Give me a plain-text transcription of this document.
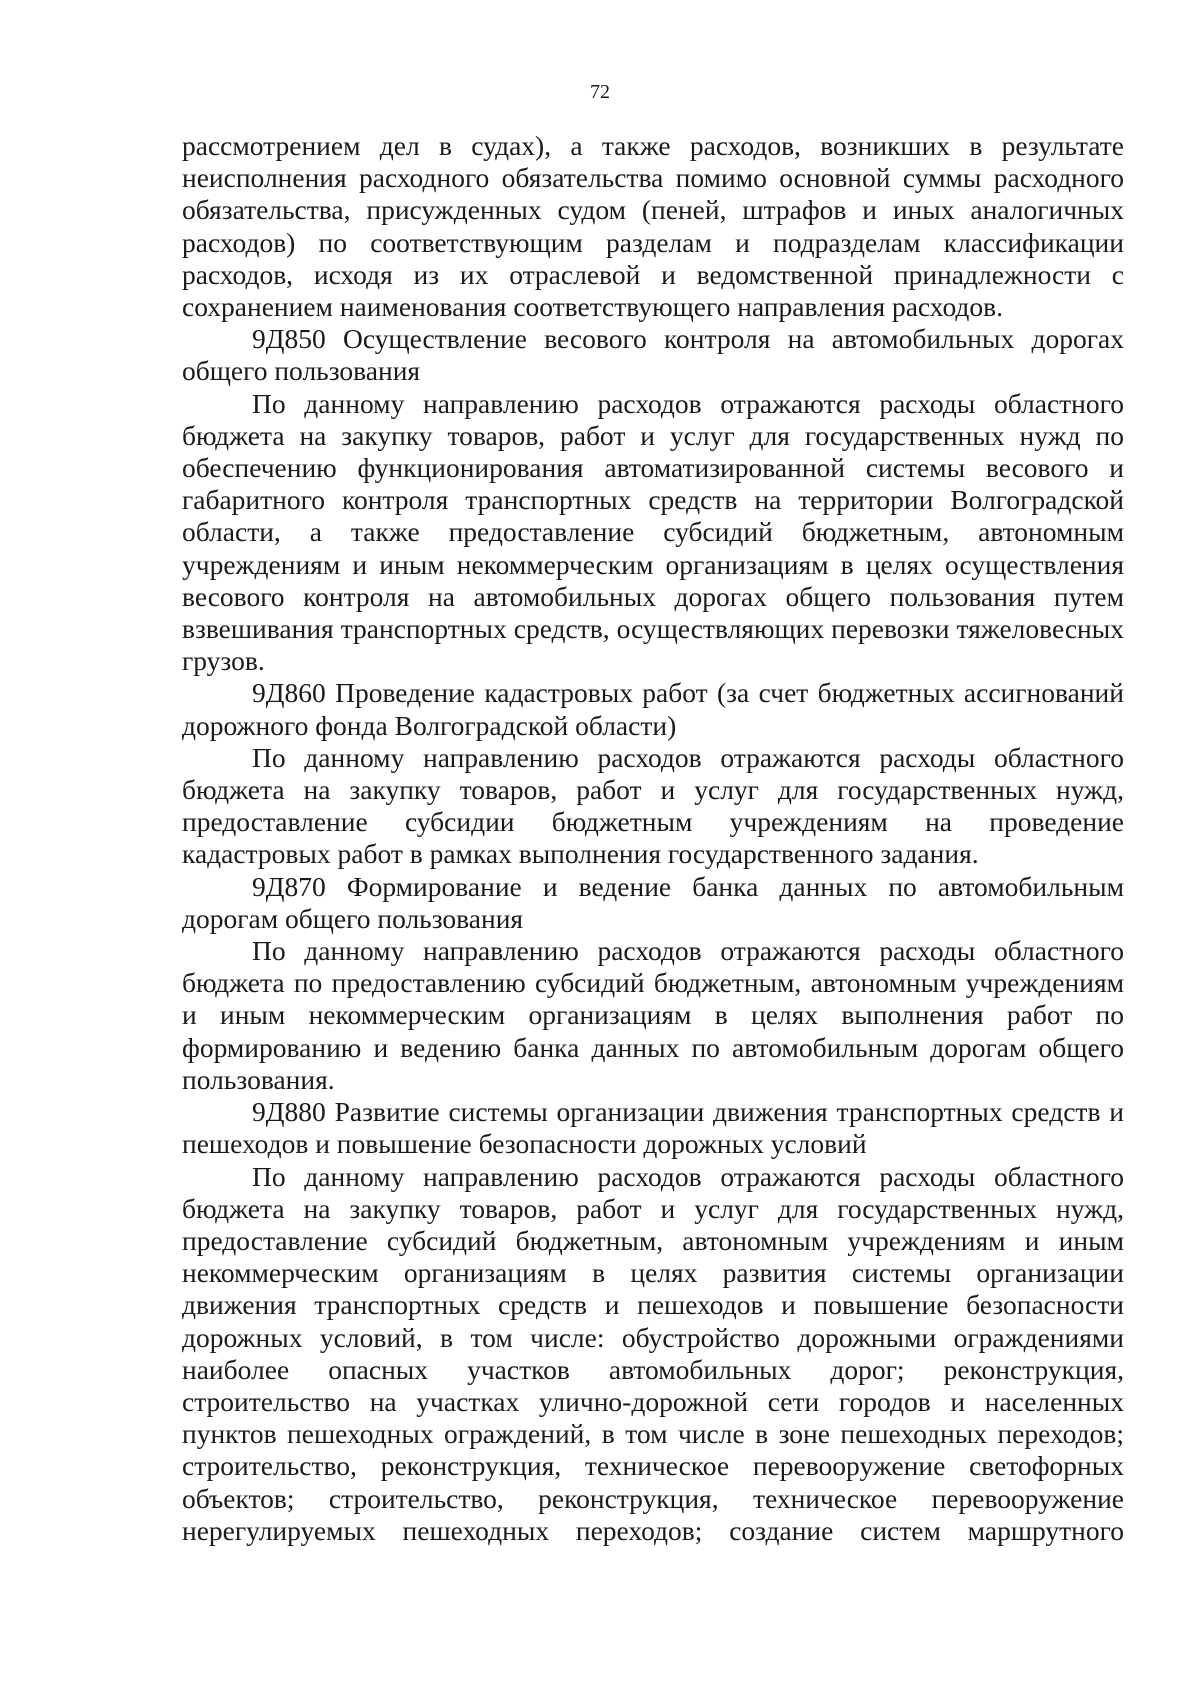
72

рассмотрением дел в судах), а также расходов, возникших в результате неисполнения расходного обязательства помимо основной суммы расходного обязательства, присужденных судом (пеней, штрафов и иных аналогичных расходов) по соответствующим разделам и подразделам классификации расходов, исходя из их отраслевой и ведомственной принадлежности с сохранением наименования соответствующего направления расходов.

9Д850 Осуществление весового контроля на автомобильных дорогах общего пользования

По данному направлению расходов отражаются расходы областного бюджета на закупку товаров, работ и услуг для государственных нужд по обеспечению функционирования автоматизированной системы весового и габаритного контроля транспортных средств на территории Волгоградской области, а также предоставление субсидий бюджетным, автономным учреждениям и иным некоммерческим организациям в целях осуществления весового контроля на автомобильных дорогах общего пользования путем взвешивания транспортных средств, осуществляющих перевозки тяжеловесных грузов.

9Д860 Проведение кадастровых работ (за счет бюджетных ассигнований дорожного фонда Волгоградской области)

По данному направлению расходов отражаются расходы областного бюджета на закупку товаров, работ и услуг для государственных нужд, предоставление субсидии бюджетным учреждениям на проведение кадастровых работ в рамках выполнения государственного задания.

9Д870 Формирование и ведение банка данных по автомобильным дорогам общего пользования

По данному направлению расходов отражаются расходы областного бюджета по предоставлению субсидий бюджетным, автономным учреждениям и иным некоммерческим организациям в целях выполнения работ по формированию и ведению банка данных по автомобильным дорогам общего пользования.

9Д880 Развитие системы организации движения транспортных средств и пешеходов и повышение безопасности дорожных условий

По данному направлению расходов отражаются расходы областного бюджета на закупку товаров, работ и услуг для государственных нужд, предоставление субсидий бюджетным, автономным учреждениям и иным некоммерческим организациям в целях развития системы организации движения транспортных средств и пешеходов и повышение безопасности дорожных условий, в том числе: обустройство дорожными ограждениями наиболее опасных участков автомобильных дорог; реконструкция, строительство на участках улично-дорожной сети городов и населенных пунктов пешеходных ограждений, в том числе в зоне пешеходных переходов; строительство, реконструкция, техническое перевооружение светофорных объектов; строительство, реконструкция, техническое перевооружение нерегулируемых пешеходных переходов; создание систем маршрутного
